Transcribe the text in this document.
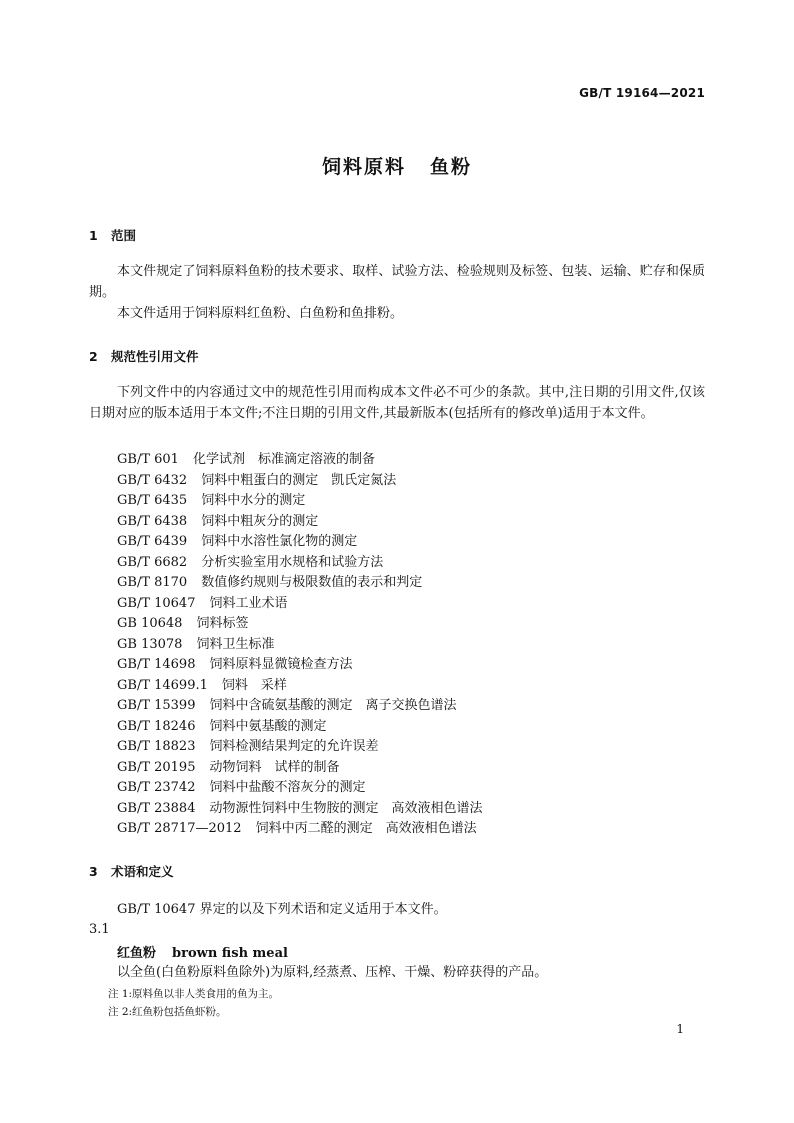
GB/T 19164—2021
饲料原料 鱼粉
1 范围
本文件规定了饲料原料鱼粉的技术要求、取样、试验方法、检验规则及标签、包装、运输、贮存和保质期。
本文件适用于饲料原料红鱼粉、白鱼粉和鱼排粉。
2 规范性引用文件
下列文件中的内容通过文中的规范性引用而构成本文件必不可少的条款。其中,注日期的引用文件,仅该日期对应的版本适用于本文件;不注日期的引用文件,其最新版本(包括所有的修改单)适用于本文件。
GB/T 601 化学试剂　标准滴定溶液的制备
GB/T 6432 饲料中粗蛋白的测定　凯氏定氮法
GB/T 6435 饲料中水分的测定
GB/T 6438 饲料中粗灰分的测定
GB/T 6439 饲料中水溶性氯化物的测定
GB/T 6682 分析实验室用水规格和试验方法
GB/T 8170 数值修约规则与极限数值的表示和判定
GB/T 10647 饲料工业术语
GB 10648 饲料标签
GB 13078 饲料卫生标准
GB/T 14698 饲料原料显微镜检查方法
GB/T 14699.1 饲料　采样
GB/T 15399 饲料中含硫氨基酸的测定　离子交换色谱法
GB/T 18246 饲料中氨基酸的测定
GB/T 18823 饲料检测结果判定的允许误差
GB/T 20195 动物饲料　试样的制备
GB/T 23742 饲料中盐酸不溶灰分的测定
GB/T 23884 动物源性饲料中生物胺的测定　高效液相色谱法
GB/T 28717—2012 饲料中丙二醛的测定　高效液相色谱法
3 术语和定义
GB/T 10647 界定的以及下列术语和定义适用于本文件。
3.1
红鱼粉 brown fish meal
以全鱼(白鱼粉原料鱼除外)为原料,经蒸煮、压榨、干燥、粉碎获得的产品。
注 1:原料鱼以非人类食用的鱼为主。
注 2:红鱼粉包括鱼虾粉。
1
